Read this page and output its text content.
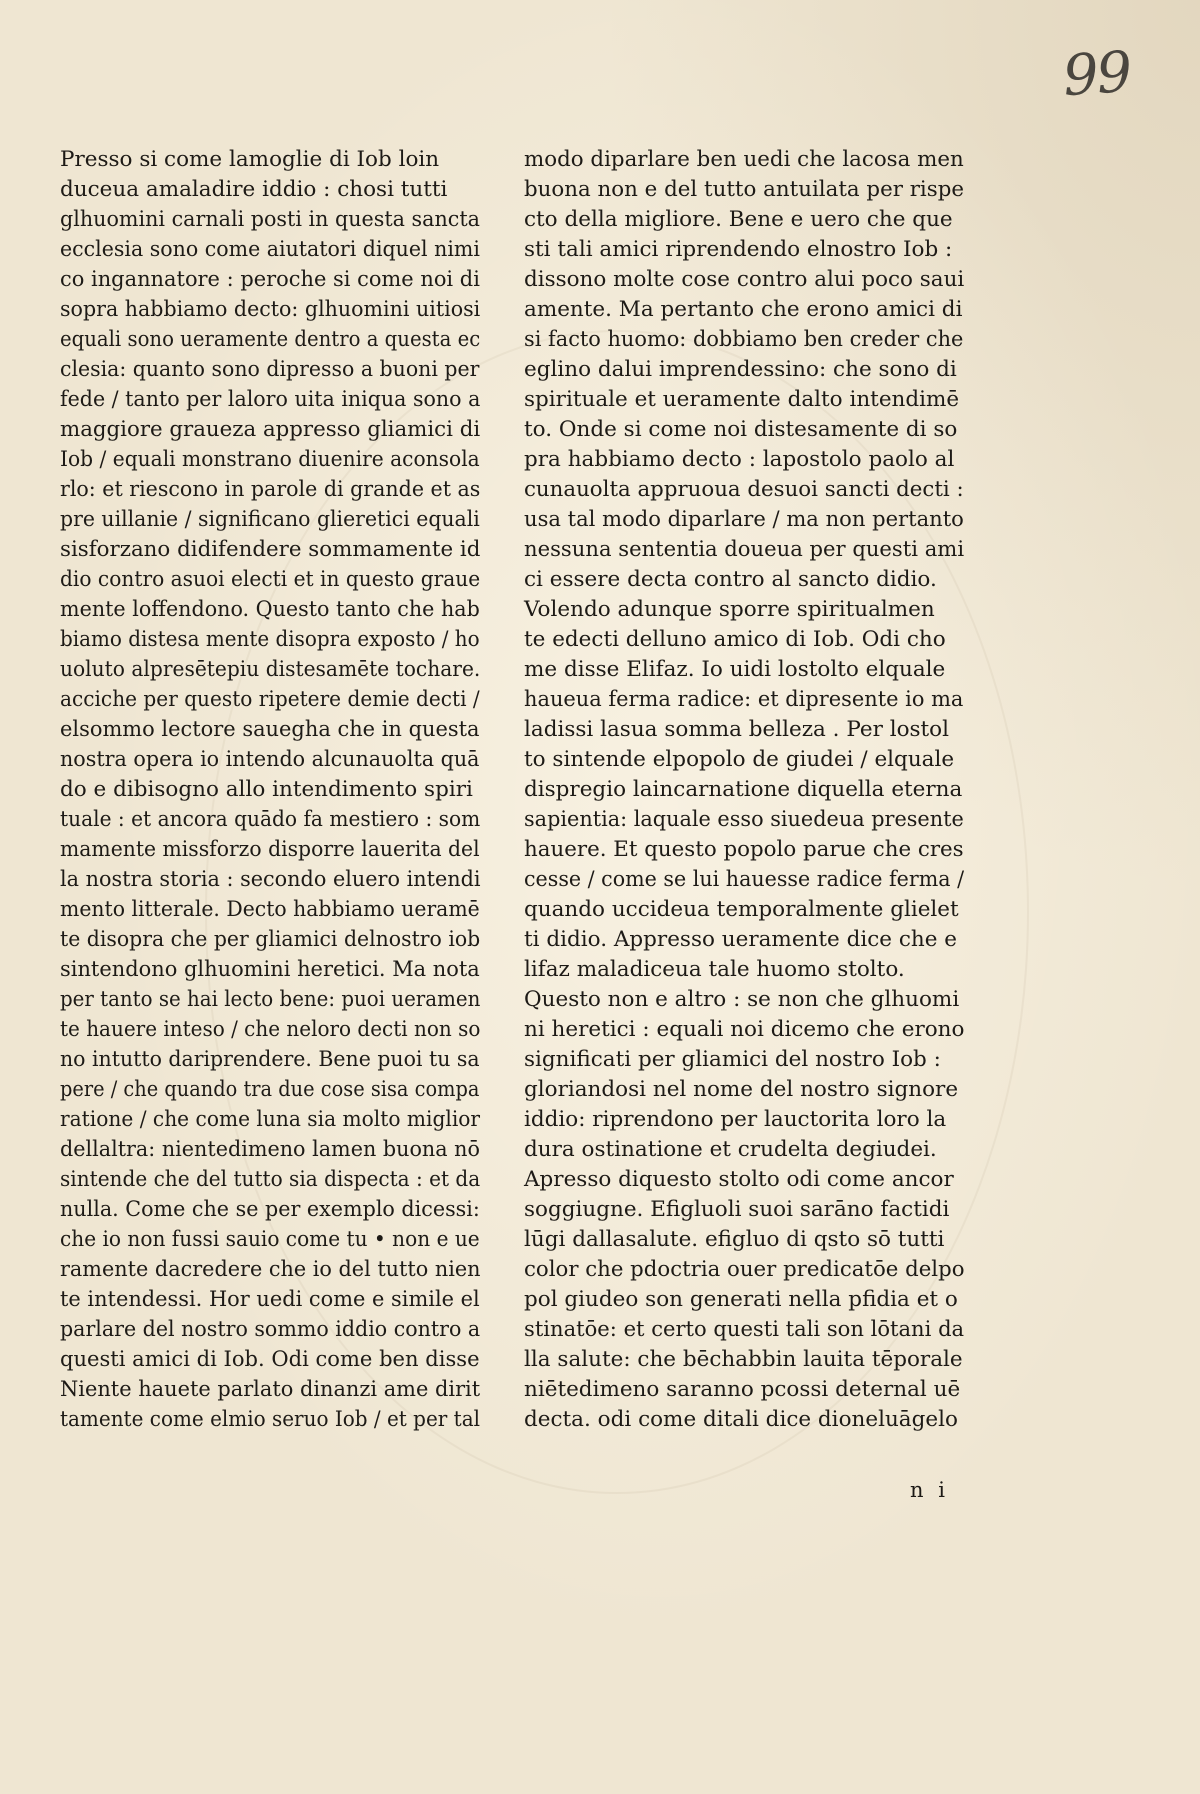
99
Presso si come lamoglie di Iob loin
duceua amaladire iddio : chosi tutti
glhuomini carnali posti in questa sancta
ecclesia sono come aiutatori diquel nimi
co ingannatore : peroche si come noi di
sopra habbiamo decto: glhuomini uitiosi
equali sono ueramente dentro a questa ec
clesia: quanto sono dipresso a buoni per
fede / tanto per laloro uita iniqua sono a
maggiore graueza appresso gliamici di
Iob / equali monstrano diuenire aconsola
rlo: et riescono in parole di grande et as
pre uillanie / significano glieretici equali
sisforzano didifendere sommamente id
dio contro asuoi electi et in questo graue
mente loffendono. Questo tanto che hab
biamo distesa mente disopra exposto / ho
uoluto alpresētepiu distesamēte tochare.
acciche per questo ripetere demie decti /
elsommo lectore sauegha che in questa
nostra opera io intendo alcunauolta quā
do e dibisogno allo intendimento spiri
tuale : et ancora quādo fa mestiero : som
mamente missforzo disporre lauerita del
la nostra storia : secondo eluero intendi
mento litterale. Decto habbiamo ueramē
te disopra che per gliamici delnostro iob
sintendono glhuomini heretici. Ma nota
per tanto se hai lecto bene: puoi ueramen
te hauere inteso / che neloro decti non so
no intutto dariprendere. Bene puoi tu sa
pere / che quando tra due cose sisa compa
ratione / che come luna sia molto miglior
dellaltra: nientedimeno lamen buona nō
sintende che del tutto sia dispecta : et da
nulla. Come che se per exemplo dicessi:
che io non fussi sauio come tu • non e ue
ramente dacredere che io del tutto nien
te intendessi. Hor uedi come e simile el
parlare del nostro sommo iddio contro a
questi amici di Iob. Odi come ben disse
Niente hauete parlato dinanzi ame dirit
tamente come elmio seruo Iob / et per tal
modo diparlare ben uedi che lacosa men
buona non e del tutto antuilata per rispe
cto della migliore. Bene e uero che que
sti tali amici riprendendo elnostro Iob :
dissono molte cose contro alui poco saui
amente. Ma pertanto che erono amici di
si facto huomo: dobbiamo ben creder che
eglino dalui imprendessino: che sono di
spirituale et ueramente dalto intendimē
to. Onde si come noi distesamente di so
pra habbiamo decto : lapostolo paolo al
cunauolta appruoua desuoi sancti decti :
usa tal modo diparlare / ma non pertanto
nessuna sententia doueua per questi ami
ci essere decta contro al sancto didio.
Volendo adunque sporre spiritualmen
te edecti delluno amico di Iob. Odi cho
me disse Elifaz. Io uidi lostolto elquale
haueua ferma radice: et dipresente io ma
ladissi lasua somma belleza . Per lostol
to sintende elpopolo de giudei / elquale
dispregio laincarnatione diquella eterna
sapientia: laquale esso siuedeua presente
hauere. Et questo popolo parue che cres
cesse / come se lui hauesse radice ferma /
quando uccideua temporalmente glielet
ti didio. Appresso ueramente dice che e
lifaz maladiceua tale huomo stolto.
Questo non e altro : se non che glhuomi
ni heretici : equali noi dicemo che erono
significati per gliamici del nostro Iob :
gloriandosi nel nome del nostro signore
iddio: riprendono per lauctorita loro la
dura ostinatione et crudelta degiudei.
Apresso diquesto stolto odi come ancor
soggiugne. Efigluoli suoi sarāno factidi
lūgi dallasalute. efigluo di qsto sō tutti
color che pdoctria ouer predicatōe delpo
pol giudeo son generati nella pfidia et o
stinatōe: et certo questi tali son lōtani da
lla salute: che bēchabbin lauita tēporale
niētedimeno saranno pcossi deternal uē
decta. odi come ditali dice dioneluāgelo
n i
